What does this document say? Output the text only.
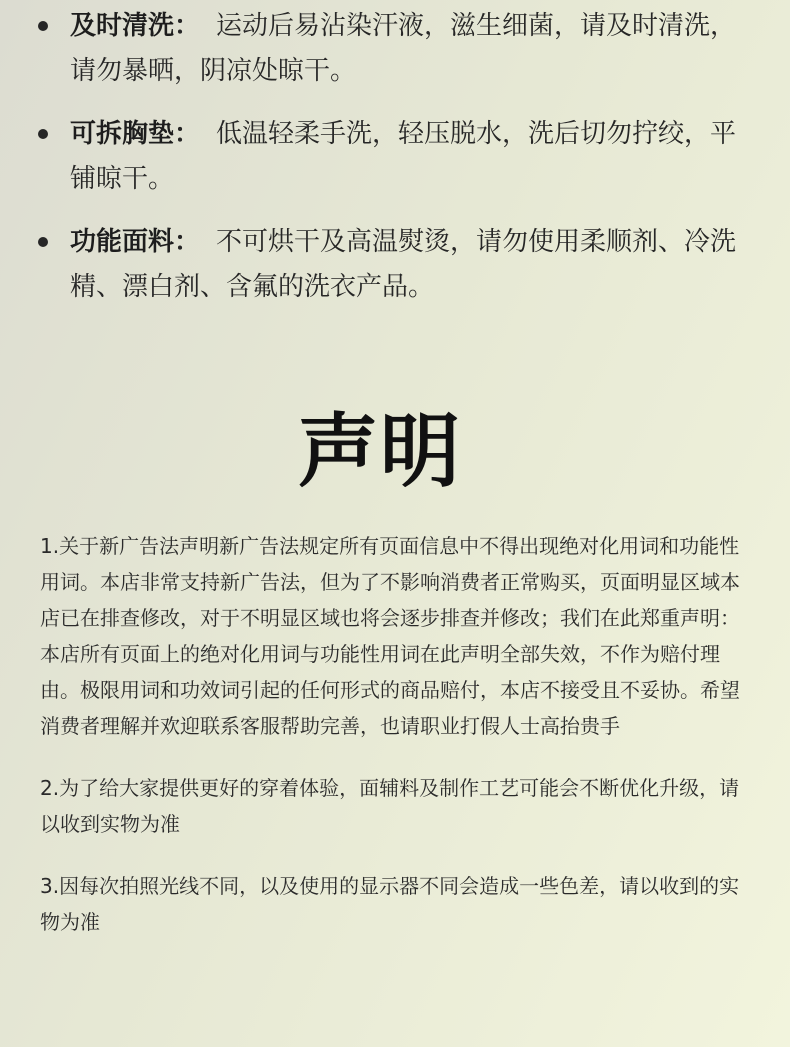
及时清洗： 运动后易沾染汗液，滋生细菌，请及时清洗，请勿暴晒，阴凉处晾干。
可拆胸垫： 低温轻柔手洗，轻压脱水，洗后切勿拧绞，平铺晾干。
功能面料： 不可烘干及高温熨烫，请勿使用柔顺剂、冷洗精、漂白剂、含氟的洗衣产品。
声明

1.关于新广告法声明新广告法规定所有页面信息中不得出现绝对化用词和功能性用词。本店非常支持新广告法，但为了不影响消费者正常购买，页面明显区域本店已在排查修改，对于不明显区域也将会逐步排查并修改；我们在此郑重声明：本店所有页面上的绝对化用词与功能性用词在此声明全部失效，不作为赔付理由。极限用词和功效词引起的任何形式的商品赔付，本店不接受且不妥协。希望消费者理解并欢迎联系客服帮助完善，也请职业打假人士高抬贵手

2.为了给大家提供更好的穿着体验，面辅料及制作工艺可能会不断优化升级，请以收到实物为准

3.因每次拍照光线不同，以及使用的显示器不同会造成一些色差，请以收到的实物为准
